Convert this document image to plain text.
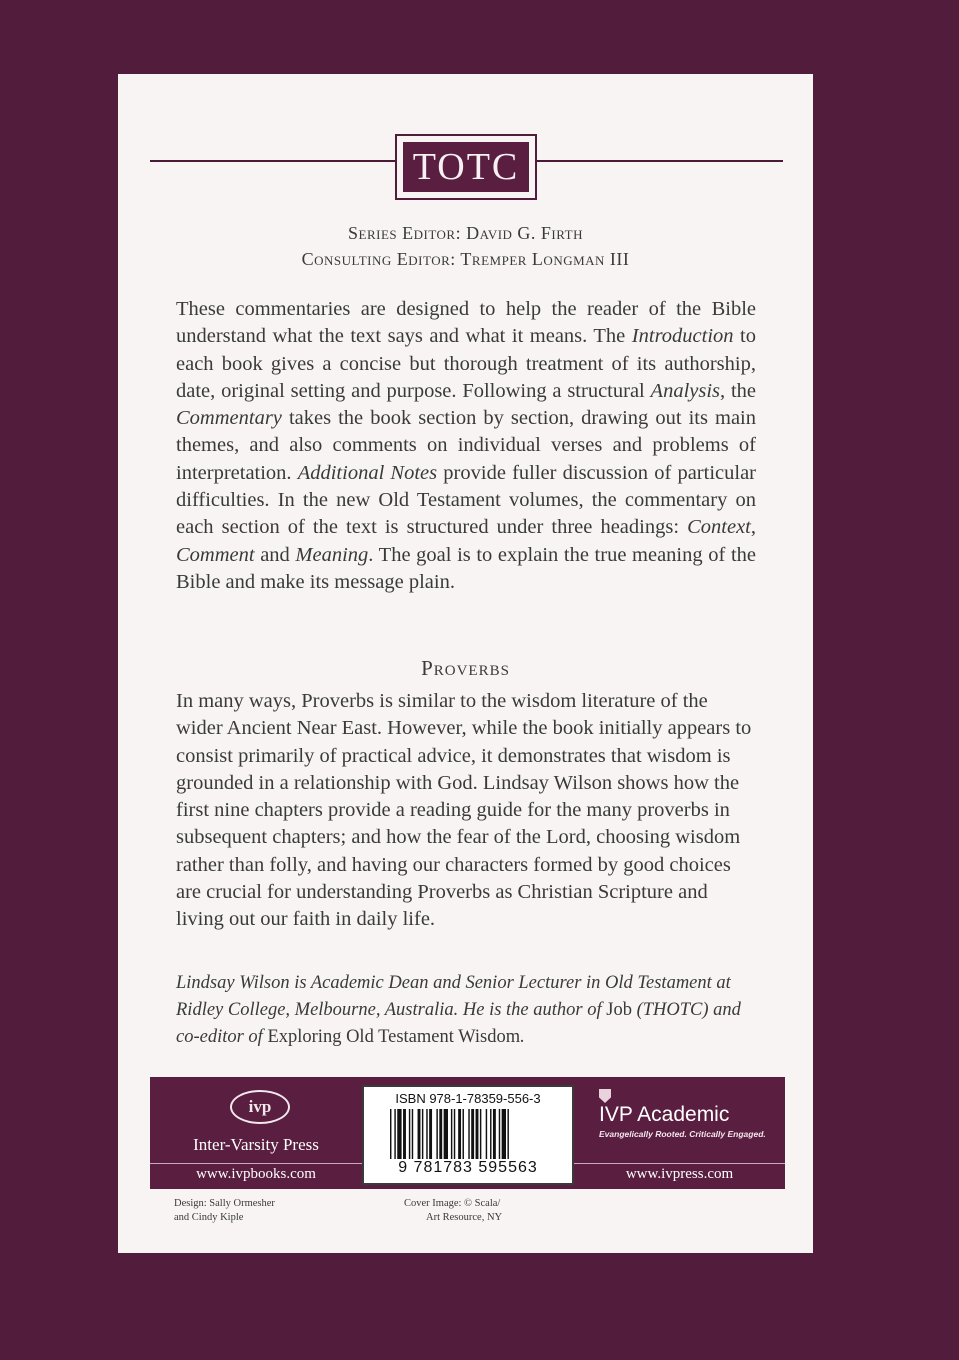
TOTC
Series Editor: David G. Firth
Consulting Editor: Tremper Longman III

These commentaries are designed to help the reader of the Bible understand what the text says and what it means. The Introduction to each book gives a concise but thorough treatment of its authorship, date, original setting and purpose. Following a structural Analysis, the Commentary takes the book section by section, drawing out its main themes, and also comments on individual verses and problems of interpretation. Additional Notes provide fuller discussion of particular difficulties. In the new Old Testament volumes, the commentary on each section of the text is structured under three headings: Context, Comment and Meaning. The goal is to explain the true meaning of the Bible and make its message plain.

Proverbs
In many ways, Proverbs is similar to the wisdom literature of the wider Ancient Near East. However, while the book initially appears to consist primarily of practical advice, it demonstrates that wisdom is grounded in a relationship with God. Lindsay Wilson shows how the first nine chapters provide a reading guide for the many proverbs in subsequent chapters; and how the fear of the Lord, choosing wisdom rather than folly, and having our characters formed by good choices are crucial for understanding Proverbs as Christian Scripture and living out our faith in daily life.
Lindsay Wilson is Academic Dean and Senior Lecturer in Old Testament at Ridley College, Melbourne, Australia. He is the author of Job (THOTC) and co-editor of Exploring Old Testament Wisdom.
ivp
Inter-Varsity Press
www.ivpbooks.com
ISBN 978-1-78359-556-3
9 781783 595563
IVP Academic
Evangelically Rooted. Critically Engaged.
www.ivpress.com
Design: Sally Ormesher
and Cindy Kiple
Cover Image: © Scala/
Art Resource, NY
